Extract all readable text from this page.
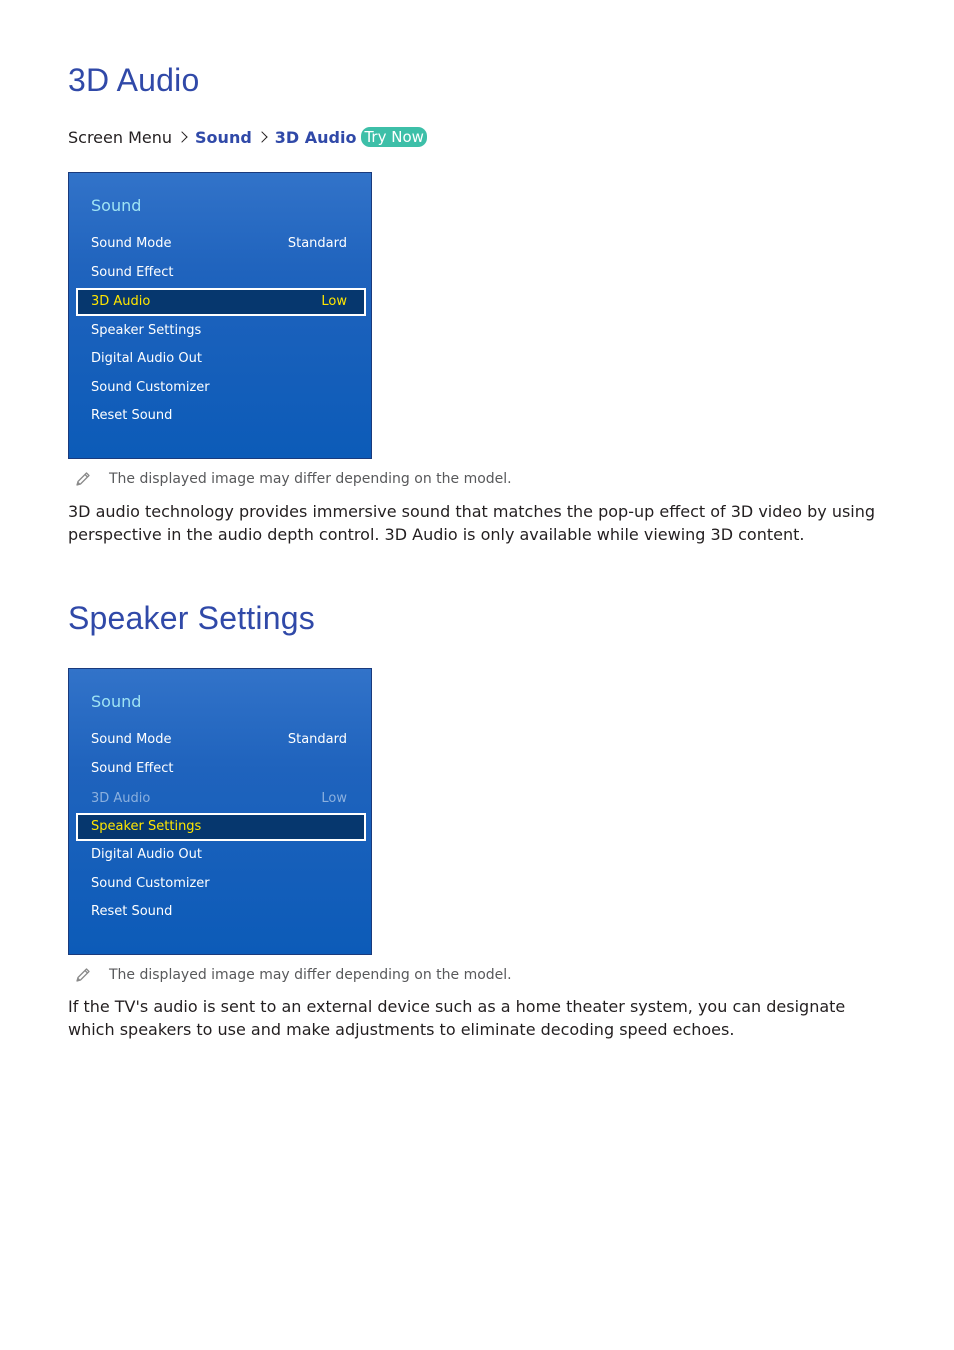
3D Audio
Screen Menu Sound 3D Audio Try Now
Sound
Sound Mode	Standard
Sound Effect
3D Audio	Low
Speaker Settings
Digital Audio Out
Sound Customizer
Reset Sound
The displayed image may differ depending on the model.

3D audio technology provides immersive sound that matches the pop-up effect of 3D video by using perspective in the audio depth control. 3D Audio is only available while viewing 3D content.

Speaker Settings
Sound
Sound Mode	Standard
Sound Effect
3D Audio	Low
Speaker Settings
Digital Audio Out
Sound Customizer
Reset Sound
The displayed image may differ depending on the model.

If the TV's audio is sent to an external device such as a home theater system, you can designate which speakers to use and make adjustments to eliminate decoding speed echoes.
